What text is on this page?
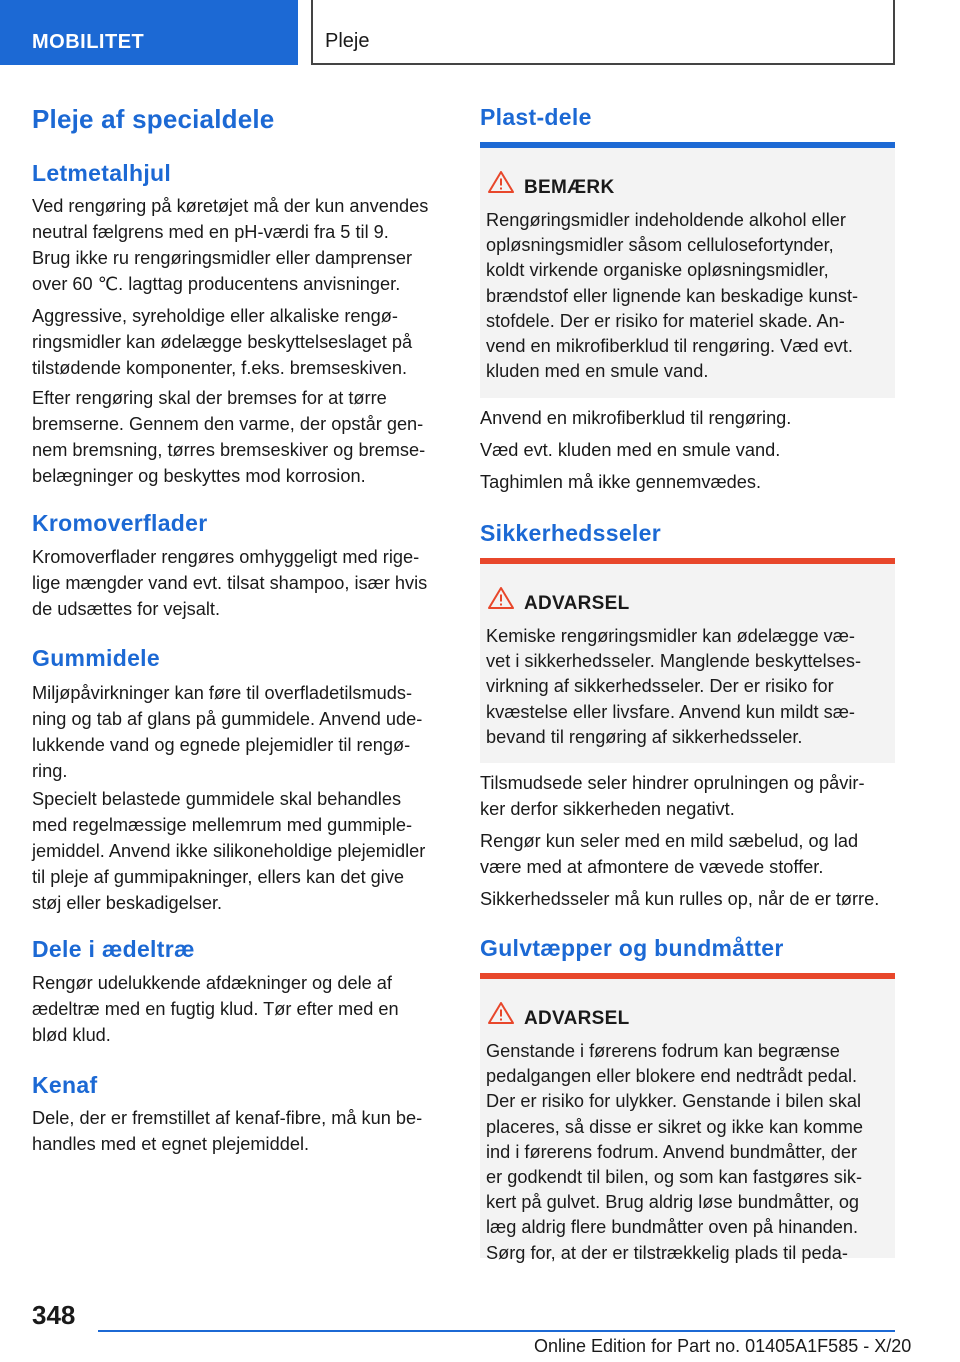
MOBILITET	Pleje
Pleje af specialdele
Letmetalhjul

Ved rengøring på køretøjet må der kun anvendes
neutral fælgrens med en pH-værdi fra 5 til 9.
Brug ikke ru rengøringsmidler eller damprenser
over 60 ℃. lagttag producentens anvisninger.

Aggressive, syreholdige eller alkaliske rengø‐
ringsmidler kan ødelægge beskyttelseslaget på
tilstødende komponenter, f.eks. bremseskiven.

Efter rengøring skal der bremses for at tørre
bremserne. Gennem den varme, der opstår gen‐
nem bremsning, tørres bremseskiver og bremse‐
belægninger og beskyttes mod korrosion.

Kromoverflader

Kromoverflader rengøres omhyggeligt med rige‐
lige mængder vand evt. tilsat shampoo, især hvis
de udsættes for vejsalt.

Gummidele

Miljøpåvirkninger kan føre til overfladetilsmuds‐
ning og tab af glans på gummidele. Anvend ude‐
lukkende vand og egnede plejemidler til rengø‐
ring.

Specielt belastede gummidele skal behandles
med regelmæssige mellemrum med gummiple‐
jemiddel. Anvend ikke silikoneholdige plejemidler
til pleje af gummipakninger, ellers kan det give
støj eller beskadigelser.

Dele i ædeltræ

Rengør udelukkende afdækninger og dele af
ædeltræ med en fugtig klud. Tør efter med en
blød klud.

Kenaf

Dele, der er fremstillet af kenaf-fibre, må kun be‐
handles med et egnet plejemiddel.

Plast-dele
BEMÆRK
Rengøringsmidler indeholdende alkohol eller
opløsningsmidler såsom cellulosefortynder,
koldt virkende organiske opløsningsmidler,
brændstof eller lignende kan beskadige kunst‐
stofdele. Der er risiko for materiel skade. An‐
vend en mikrofiberklud til rengøring. Væd evt.
kluden med en smule vand.

Anvend en mikrofiberklud til rengøring.

Væd evt. kluden med en smule vand.

Taghimlen må ikke gennemvædes.

Sikkerhedsseler
ADVARSEL
Kemiske rengøringsmidler kan ødelægge væ‐
vet i sikkerhedsseler. Manglende beskyttelses‐
virkning af sikkerhedsseler. Der er risiko for
kvæstelse eller livsfare. Anvend kun mildt sæ‐
bevand til rengøring af sikkerhedsseler.

Tilsmudsede seler hindrer oprulningen og påvir‐
ker derfor sikkerheden negativt.

Rengør kun seler med en mild sæbelud, og lad
være med at afmontere de vævede stoffer.

Sikkerhedsseler må kun rulles op, når de er tørre.

Gulvtæpper og bundmåtter
ADVARSEL
Genstande i førerens fodrum kan begrænse
pedalgangen eller blokere end nedtrådt pedal.
Der er risiko for ulykker. Genstande i bilen skal
placeres, så disse er sikret og ikke kan komme
ind i førerens fodrum. Anvend bundmåtter, der
er godkendt til bilen, og som kan fastgøres sik‐
kert på gulvet. Brug aldrig løse bundmåtter, og
læg aldrig flere bundmåtter oven på hinanden.
Sørg for, at der er tilstrækkelig plads til peda‐
348
Online Edition for Part no. 01405A1F585 - X/20
